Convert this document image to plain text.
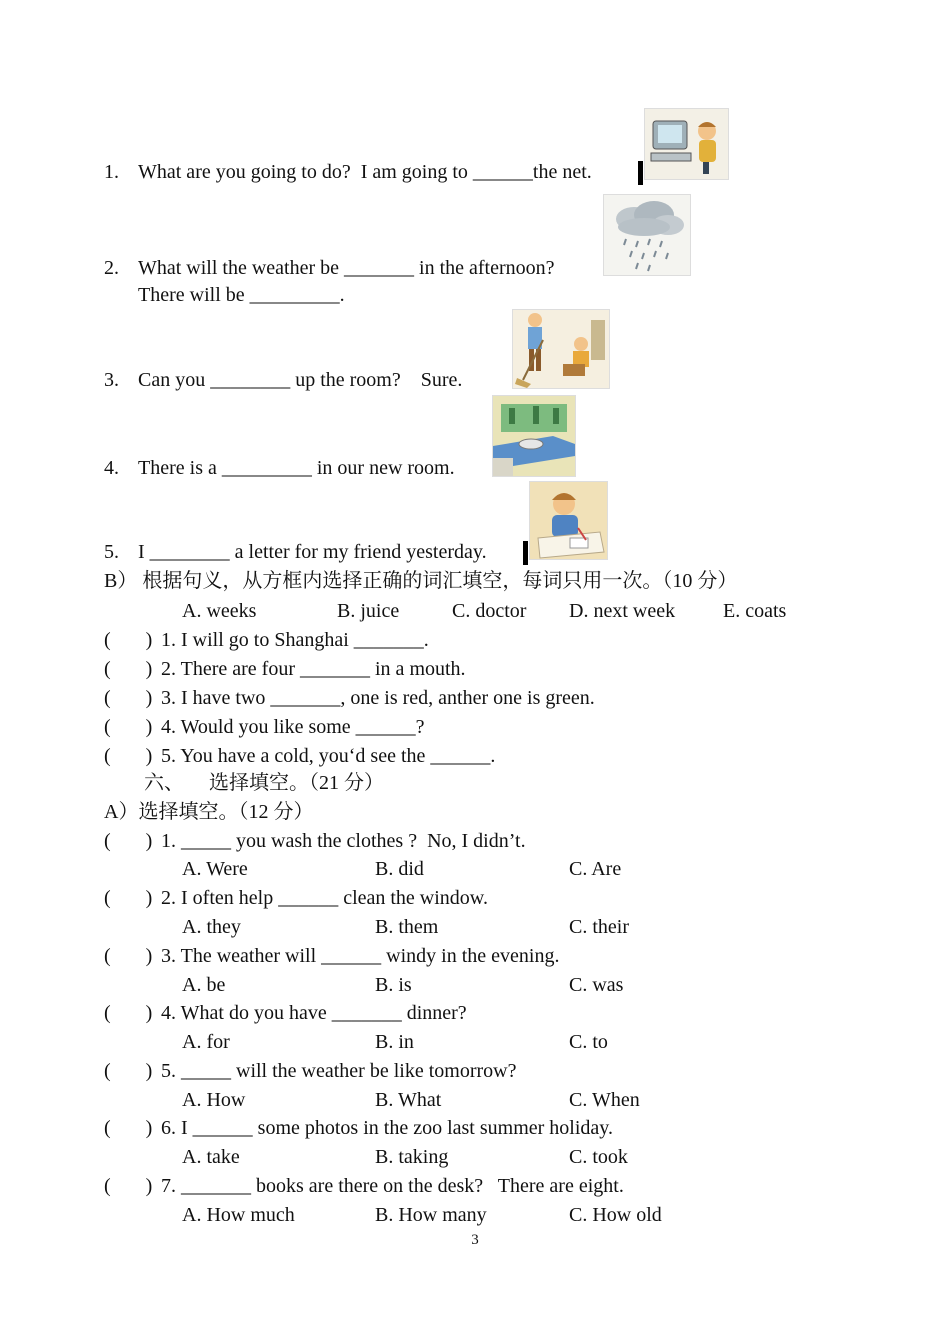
1. What are you going to do?  I am going to ______the net.
2. What will the weather be _______ in the afternoon?
There will be _________.
3. Can you ________ up the room?    Sure.
4. There is a _________ in our new room.
5. I ________ a letter for my friend yesterday.
B） 根据句义，从方框内选择正确的词汇填空，每词只用一次。（10 分）
A. weeks	B. juice	C. doctor D. next week E. coats
(       ) 1. I will go to Shanghai _______.
(       ) 2. There are four _______ in a mouth.
(       ) 3. I have two _______, one is red, anther one is green.
(       ) 4. Would you like some ______?
(       ) 5. You have a cold, you‘d see the ______.
六、     选择填空。（21 分）
A）选择填空。（12 分）
(       ) 1. _____ you wash the clothes ?  No, I didn’t.
A. Were	B. did	C. Are
(       ) 2. I often help ______ clean the window.
A. they	B. them	C. their
(       ) 3. The weather will ______ windy in the evening.
A. be	B. is	C. was
(       ) 4. What do you have _______ dinner?
A. for	B. in	C. to
(       ) 5. _____ will the weather be like tomorrow?
A. How	B. What	C. When
(       ) 6. I ______ some photos in the zoo last summer holiday.
A. take	B. taking	C. took
(       ) 7. _______ books are there on the desk?   There are eight.
A. How much	B. How many	C. How old
3
